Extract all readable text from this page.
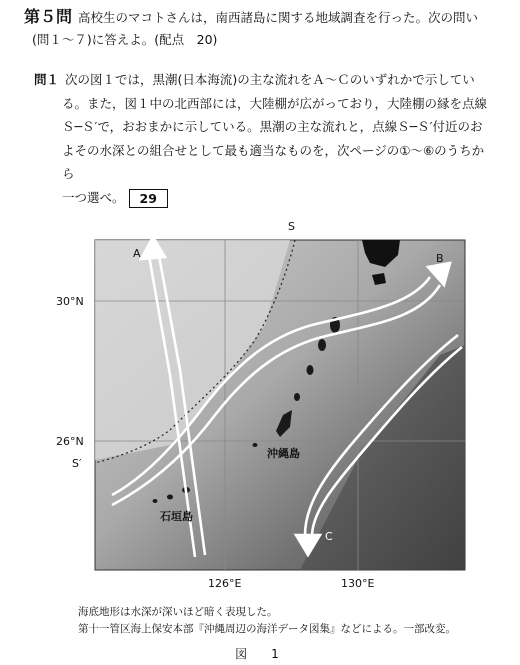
第５問 高校生のマコトさんは，南西諸島に関する地域調査を行った。次の問い
(問１～７)に答えよ。(配点　20)
問１ 次の図１では，黒潮(日本海流)の主な流れをＡ～Ｃのいずれかで示してい
る。また，図１中の北西部には，大陸棚が広がっており，大陸棚の縁を点線
Ｓ─Ｓ′で，おおまかに示している。黒潮の主な流れと，点線Ｓ─Ｓ′付近のお
よその水深との組合せとして最も適当なものを，次ページの①～⑥のうちから
一つ選べ。 29
A	B
C
S
S′
30°N
26°N
126°E	130°E
沖縄島
石垣島
海底地形は水深が深いほど暗く表現した。
第十一管区海上保安本部『沖縄周辺の海洋データ図集』などによる。一部改変。
図　1
